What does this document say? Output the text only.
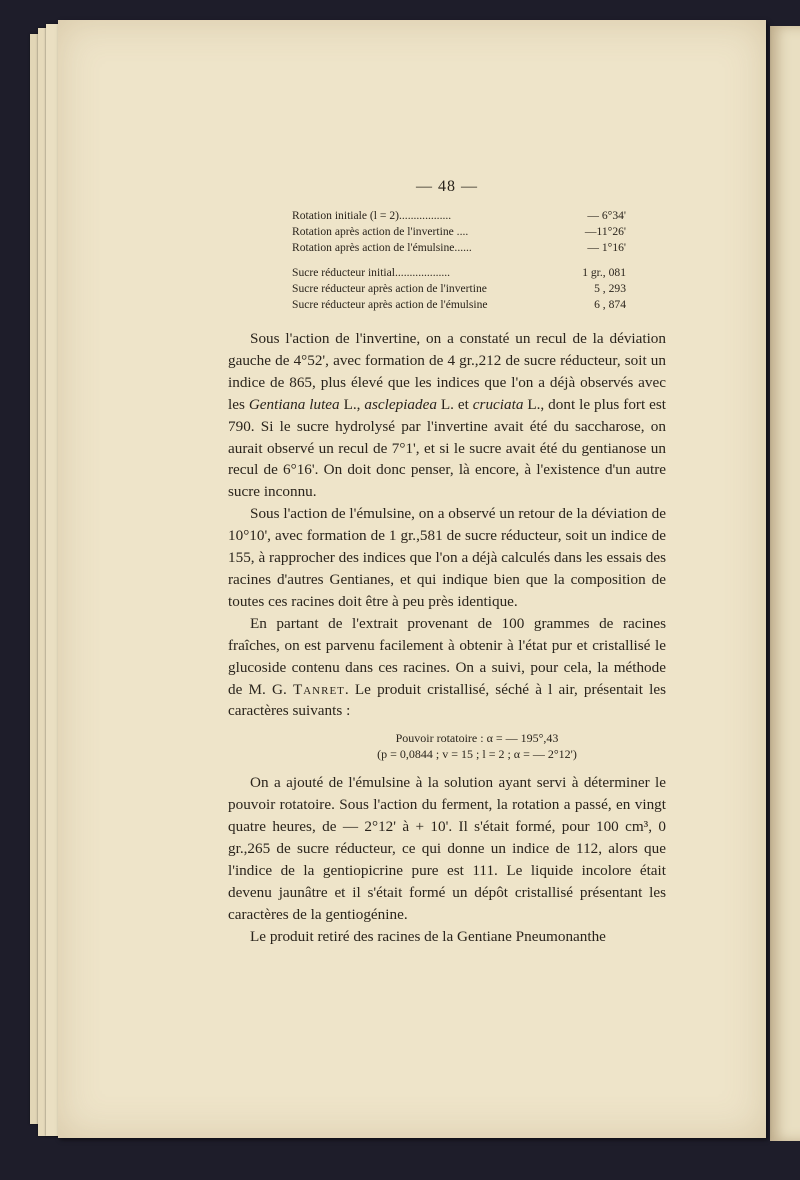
— 48 —
Rotation initiale (l = 2)..................	— 6°34'
Rotation après action de l'invertine ....	—11°26'
Rotation après action de l'émulsine......	— 1°16'

Sucre réducteur initial...................	1 gr., 081
Sucre réducteur après action de l'invertine	5 , 293
Sucre réducteur après action de l'émulsine	6 , 874

Sous l'action de l'invertine, on a constaté un recul de la déviation gauche de 4°52', avec formation de 4 gr.,212 de sucre réducteur, soit un indice de 865, plus élevé que les indices que l'on a déjà observés avec les Gentiana lutea L., asclepiadea L. et cruciata L., dont le plus fort est 790. Si le sucre hydrolysé par l'invertine avait été du saccharose, on aurait observé un recul de 7°1', et si le sucre avait été du gentianose un recul de 6°16'. On doit donc penser, là encore, à l'existence d'un autre sucre inconnu.

Sous l'action de l'émulsine, on a observé un retour de la déviation de 10°10', avec formation de 1 gr.,581 de sucre réducteur, soit un indice de 155, à rapprocher des indices que l'on a déjà calculés dans les essais des racines d'autres Gentianes, et qui indique bien que la composition de toutes ces racines doit être à peu près identique.

En partant de l'extrait provenant de 100 grammes de racines fraîches, on est parvenu facilement à obtenir à l'état pur et cristallisé le glucoside contenu dans ces racines. On a suivi, pour cela, la méthode de M. G. Tanret. Le produit cristallisé, séché à l air, présentait les caractères suivants :

Pouvoir rotatoire : α = — 195°,43
(p = 0,0844 ; v = 15 ; l = 2 ; α = — 2°12')

On a ajouté de l'émulsine à la solution ayant servi à déterminer le pouvoir rotatoire. Sous l'action du ferment, la rotation a passé, en vingt quatre heures, de — 2°12' à + 10'. Il s'était formé, pour 100 cm³, 0 gr.,265 de sucre réducteur, ce qui donne un indice de 112, alors que l'indice de la gentiopicrine pure est 111. Le liquide incolore était devenu jaunâtre et il s'était formé un dépôt cristallisé présentant les caractères de la gentiogénine.

Le produit retiré des racines de la Gentiane Pneumonanthe
